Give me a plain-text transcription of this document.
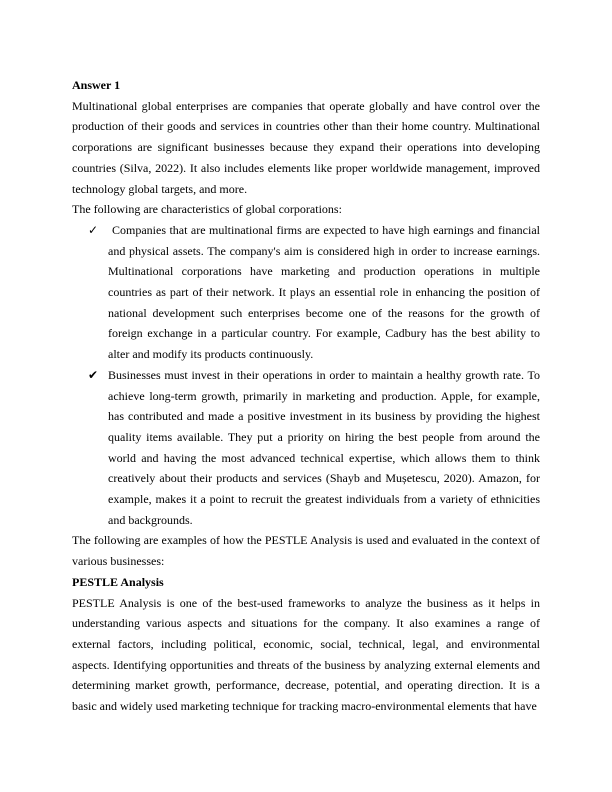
Answer 1

Multinational global enterprises are companies that operate globally and have control over the production of their goods and services in countries other than their home country. Multinational corporations are significant businesses because they expand their operations into developing countries (Silva, 2022). It also includes elements like proper worldwide management, improved technology global targets, and more.

The following are characteristics of global corporations:

✓	Companies that are multinational firms are expected to have high earnings and financial and physical assets. The company's aim is considered high in order to increase earnings. Multinational corporations have marketing and production operations in multiple countries as part of their network. It plays an essential role in enhancing the position of national development such enterprises become one of the reasons for the growth of foreign exchange in a particular country. For example, Cadbury has the best ability to alter and modify its products continuously.
✔ Businesses must invest in their operations in order to maintain a healthy growth rate. To achieve long-term growth, primarily in marketing and production. Apple, for example, has contributed and made a positive investment in its business by providing the highest quality items available. They put a priority on hiring the best people from around the world and having the most advanced technical expertise, which allows them to think creatively about their products and services (Shayb and Mușetescu, 2020). Amazon, for example, makes it a point to recruit the greatest individuals from a variety of ethnicities and backgrounds.

The following are examples of how the PESTLE Analysis is used and evaluated in the context of various businesses:

PESTLE Analysis

PESTLE Analysis is one of the best-used frameworks to analyze the business as it helps in understanding various aspects and situations for the company. It also examines a range of external factors, including political, economic, social, technical, legal, and environmental aspects. Identifying opportunities and threats of the business by analyzing external elements and determining market growth, performance, decrease, potential, and operating direction. It is a basic and widely used marketing technique for tracking macro-environmental elements that have
